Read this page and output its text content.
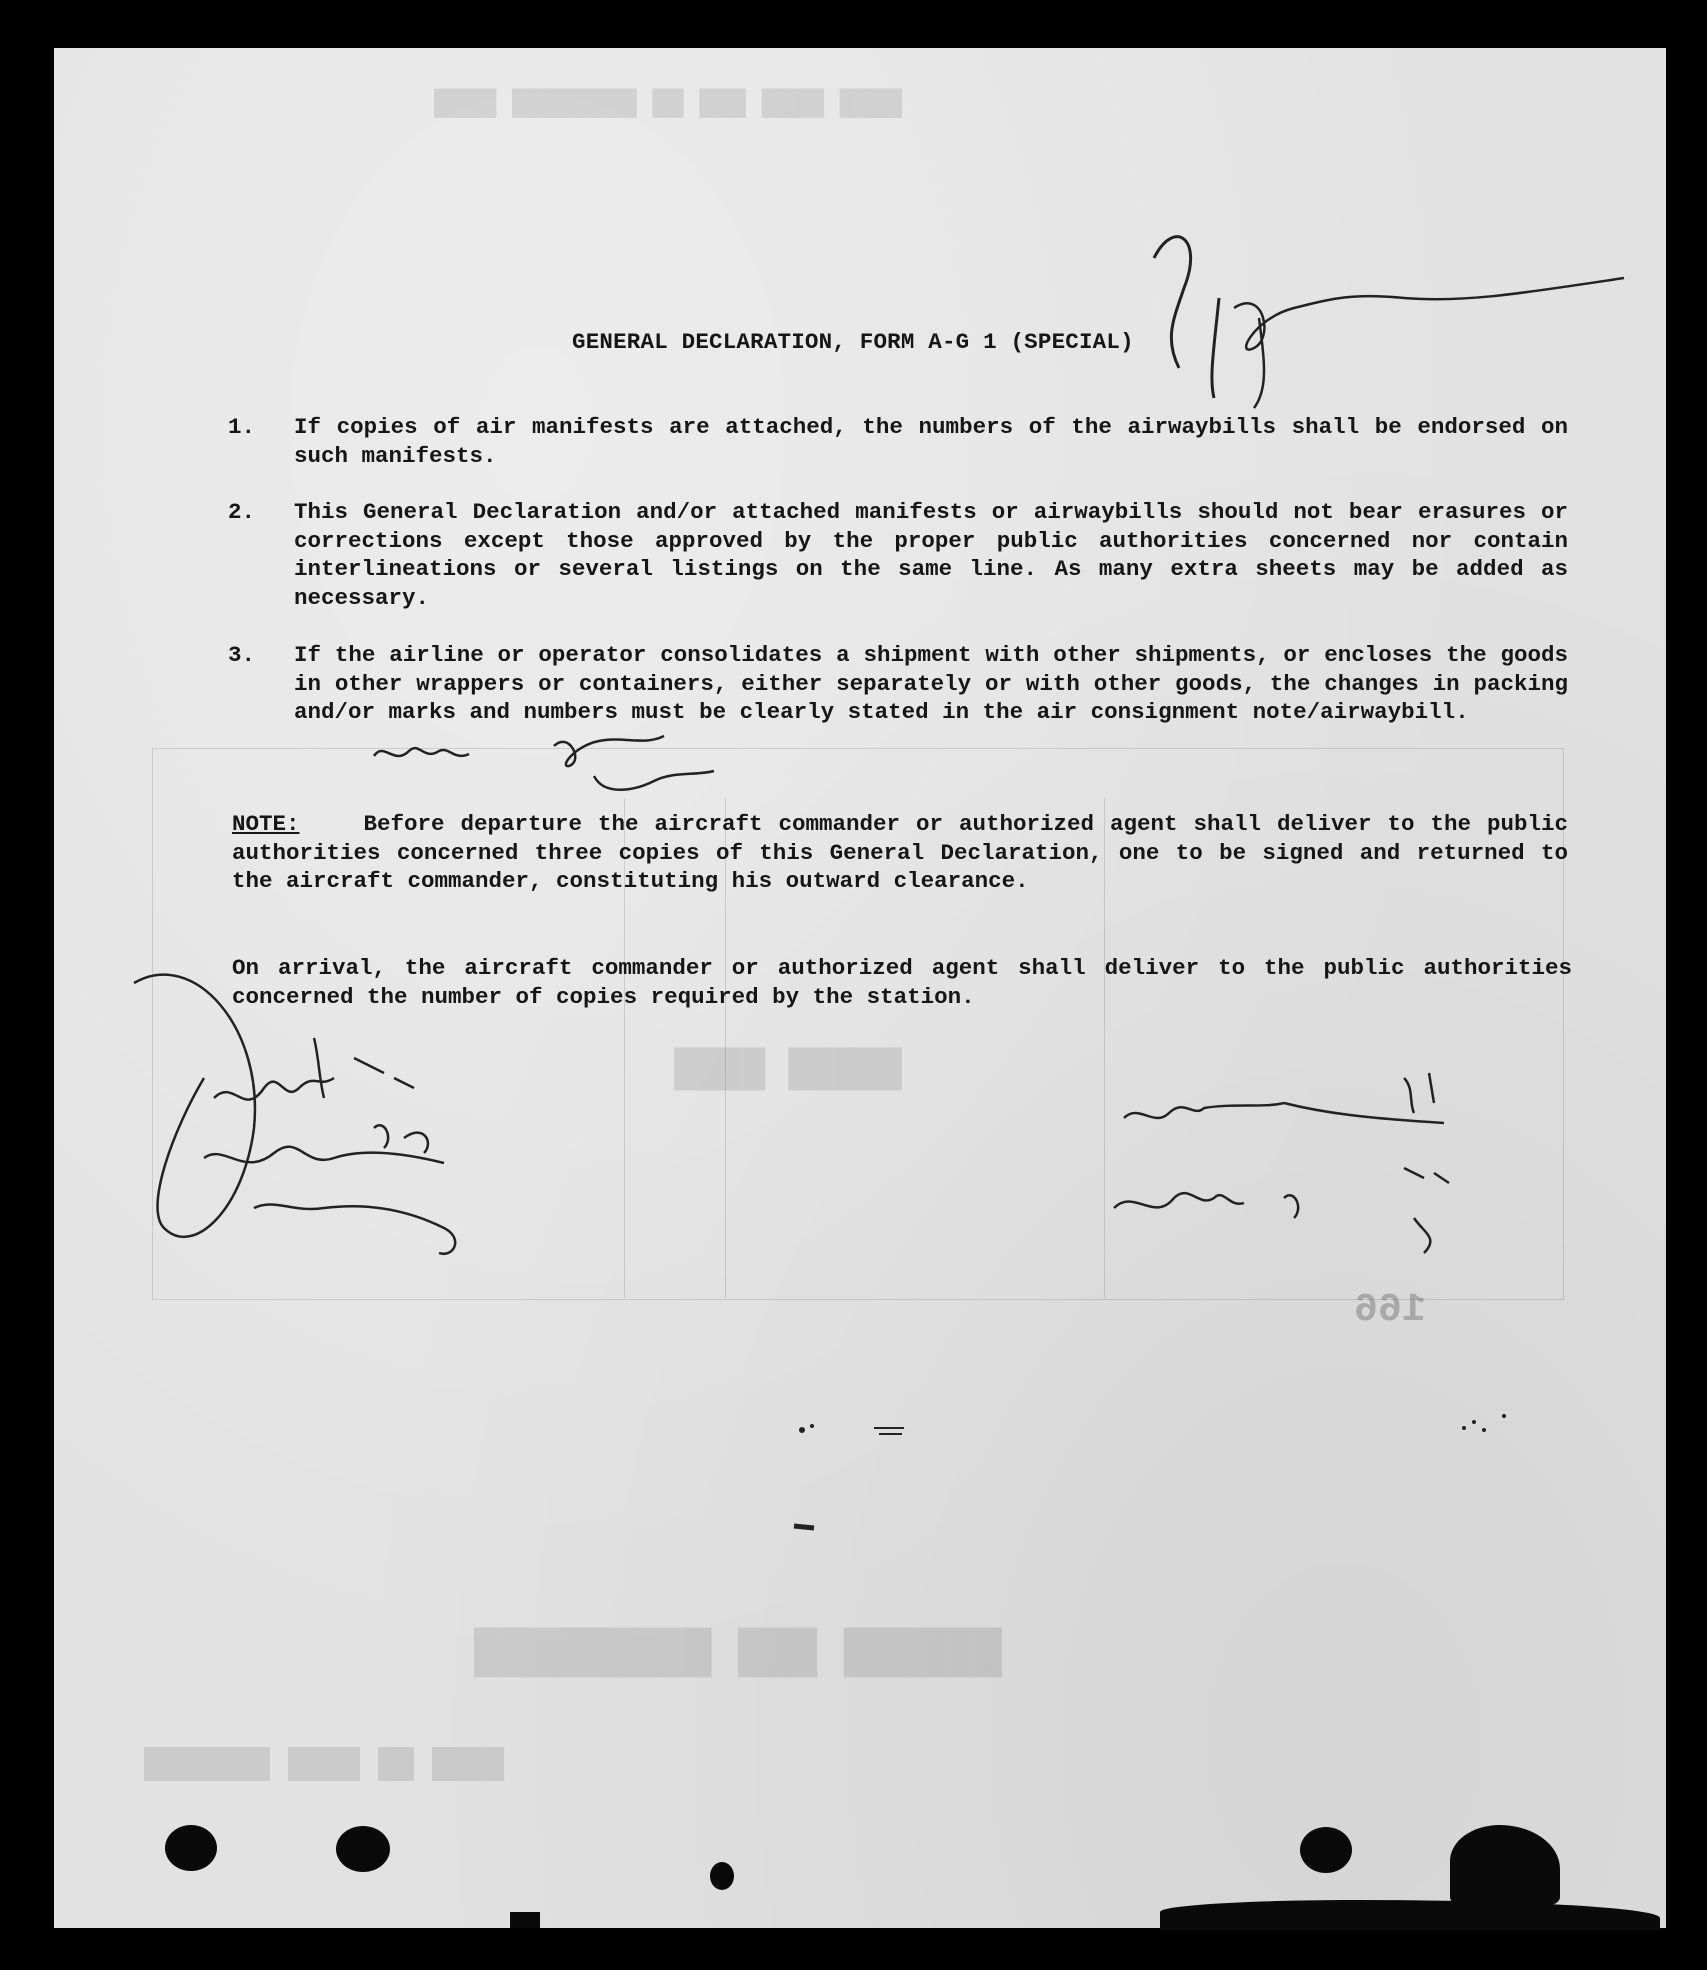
████ ████ ███ ██ ████████ ████
█████ ████
166
██████ ███ █████████
████ ██ ████ ███████
GENERAL DECLARATION, FORM A-G 1 (SPECIAL)
1. If copies of air manifests are attached, the numbers of the airwaybills shall be endorsed on such manifests.
2. This General Declaration and/or attached manifests or airwaybills should not bear erasures or corrections except those approved by the proper public authorities concerned nor contain interlineations or several listings on the same line. As many extra sheets may be added as necessary.
3. If the airline or operator consolidates a shipment with other shipments, or encloses the goods in other wrappers or containers, either separately or with other goods, the changes in packing and/or marks and numbers must be clearly stated in the air consignment note/airwaybill.
NOTE:	Before departure the aircraft commander or authorized agent shall deliver to the public authorities concerned three copies of this General Declaration, one to be signed and returned to the aircraft commander, constituting his outward clearance.
On arrival, the aircraft commander or authorized agent shall deliver to the public authorities concerned the number of copies required by the station.
